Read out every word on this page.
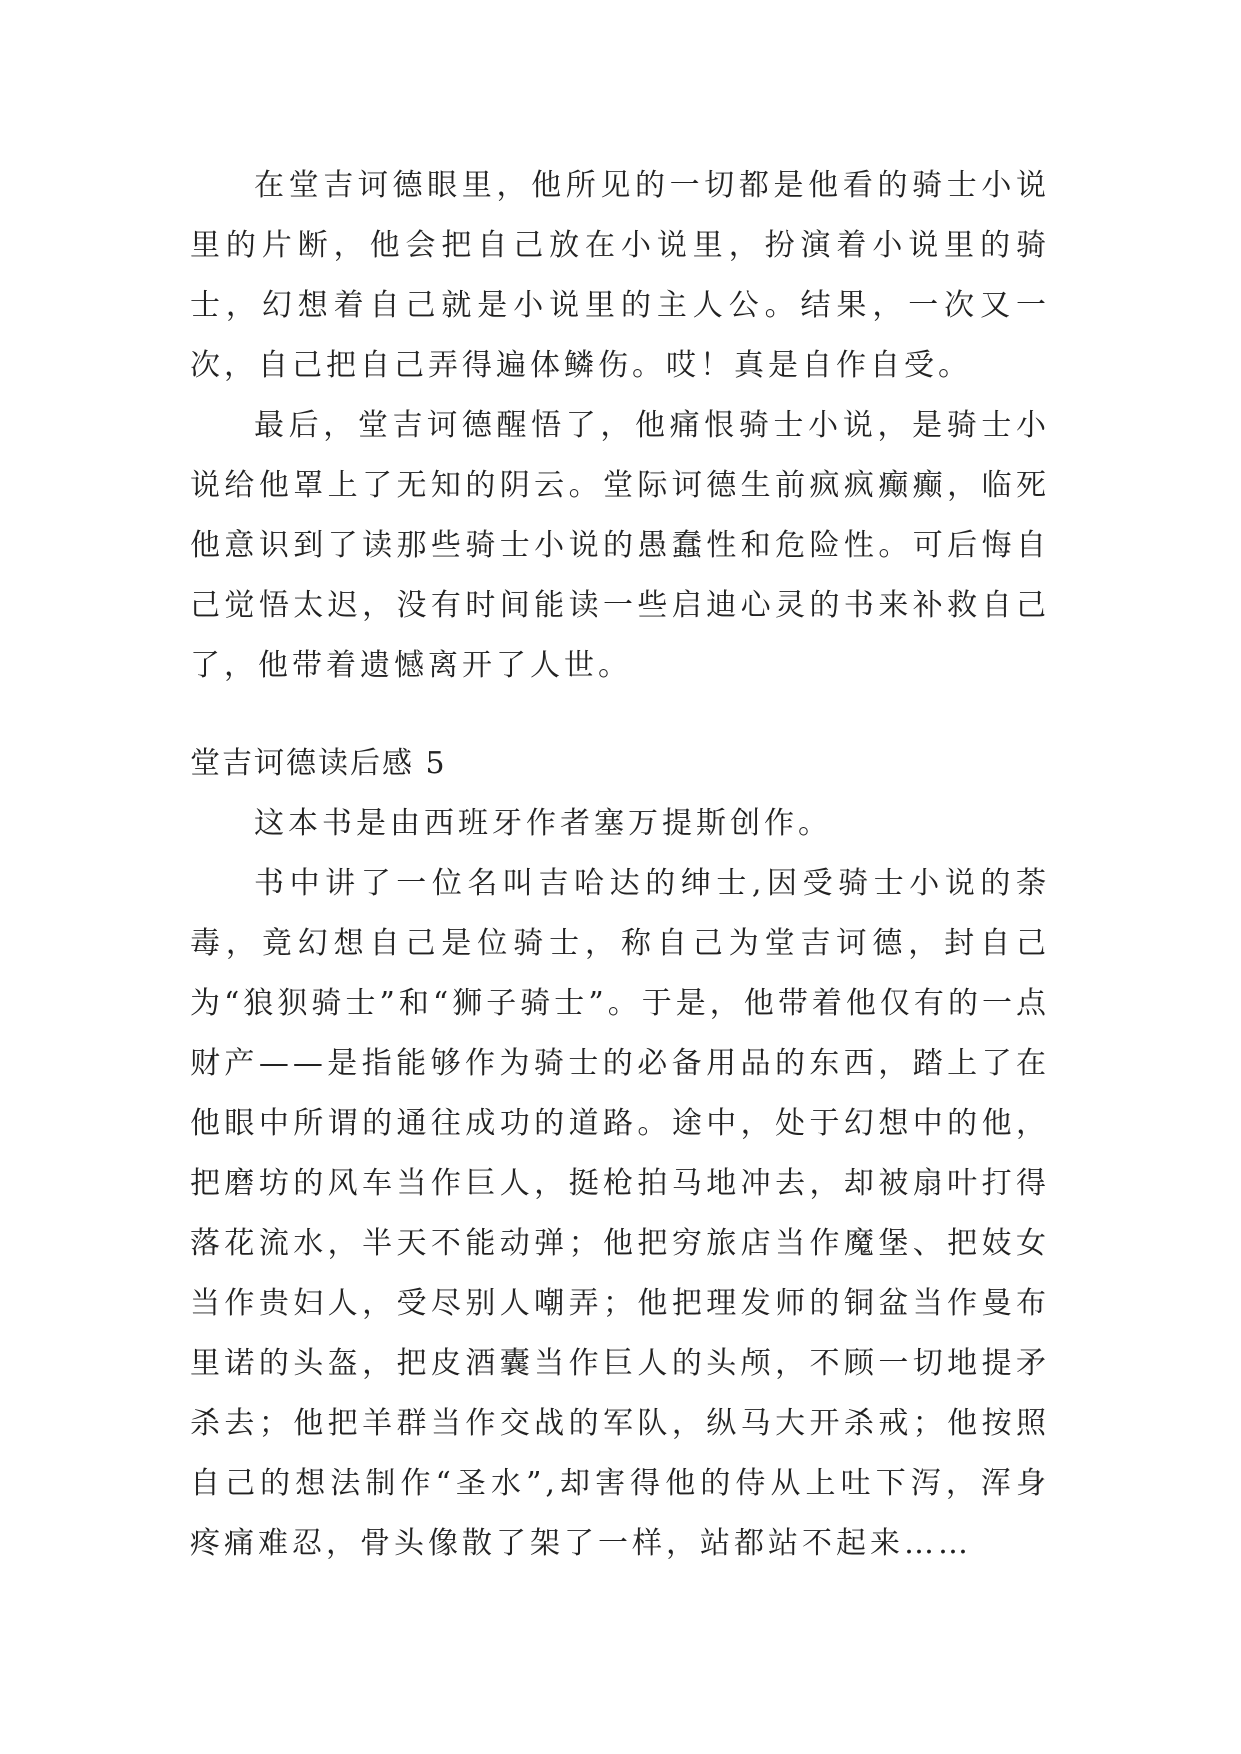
在堂吉诃德眼里，他所见的一切都是他看的骑士小说里的片断，他会把自己放在小说里，扮演着小说里的骑士，幻想着自己就是小说里的主人公。结果，一次又一次，自己把自己弄得遍体鳞伤。哎！真是自作自受。

最后，堂吉诃德醒悟了，他痛恨骑士小说，是骑士小说给他罩上了无知的阴云。堂际诃德生前疯疯癫癫，临死他意识到了读那些骑士小说的愚蠢性和危险性。可后悔自己觉悟太迟，没有时间能读一些启迪心灵的书来补救自己了，他带着遗憾离开了人世。

堂吉诃德读后感 5

这本书是由西班牙作者塞万提斯创作。

书中讲了一位名叫吉哈达的绅士,因受骑士小说的荼毒，竟幻想自己是位骑士，称自己为堂吉诃德，封自己为“狼狈骑士”和“狮子骑士”。于是，他带着他仅有的一点财产——是指能够作为骑士的必备用品的东西，踏上了在他眼中所谓的通往成功的道路。途中，处于幻想中的他，把磨坊的风车当作巨人，挺枪拍马地冲去，却被扇叶打得落花流水，半天不能动弹；他把穷旅店当作魔堡、把妓女当作贵妇人，受尽别人嘲弄；他把理发师的铜盆当作曼布里诺的头盔，把皮酒囊当作巨人的头颅，不顾一切地提矛杀去；他把羊群当作交战的军队，纵马大开杀戒；他按照自己的想法制作“圣水”,却害得他的侍从上吐下泻，浑身疼痛难忍，骨头像散了架了一样，站都站不起来……
